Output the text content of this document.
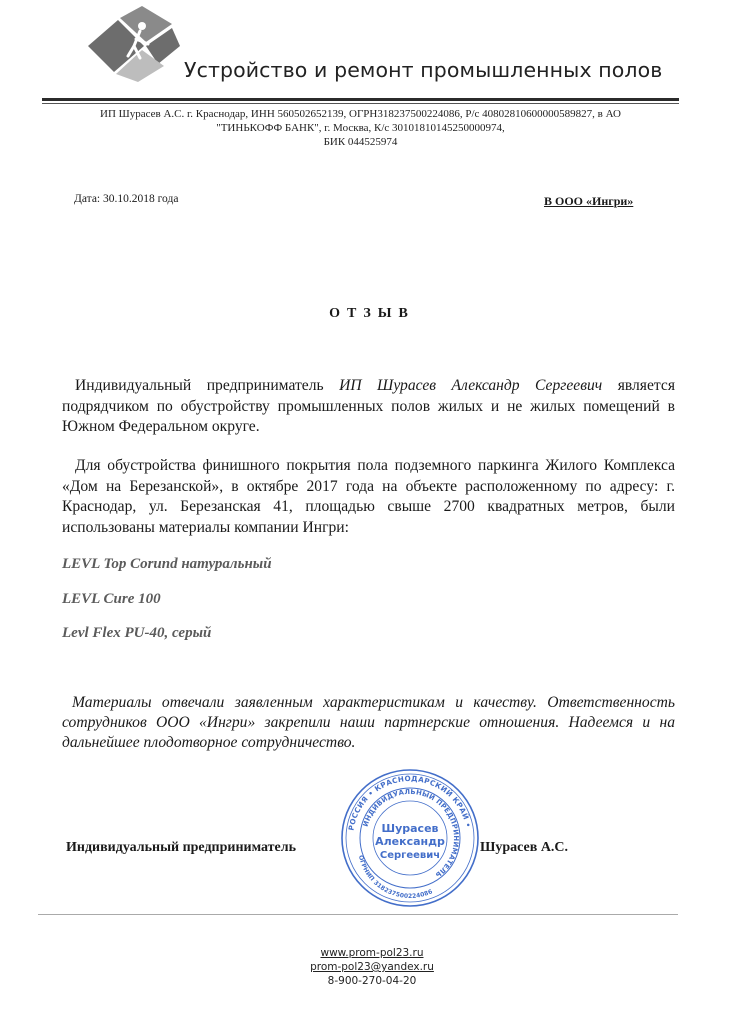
Устройство и ремонт промышленных полов
ИП Шурасев А.С. г. Краснодар, ИНН 560502652139, ОГРН318237500224086, Р/с 40802810600000589827, в АО
"ТИНЬКОФФ БАНК", г. Москва, К/с 30101810145250000974,
БИК 044525974
Дата: 30.10.2018 года	В ООО «Ингри»
ОТЗЫВ
Индивидуальный предприниматель ИП Шурасев Александр Сергеевич является подрядчиком по обустройству промышленных полов жилых и не жилых помещений в Южном Федеральном округе.
Для обустройства финишного покрытия пола подземного паркинга Жилого Комплекса «Дом на Березанской», в октябре 2017 года на объекте расположенному по адресу: г. Краснодар, ул. Березанская 41, площадью свыше 2700 квадратных метров, были использованы материалы компании Ингри:
LEVL Top Corund натуральный
LEVL Cure 100
Levl Flex PU-40, серый
Материалы отвечали заявленным характеристикам и качеству. Ответственность сотрудников ООО «Ингри» закрепили наши партнерские отношения. Надеемся и на дальнейшее плодотворное сотрудничество.
Индивидуальный предприниматель	Шурасев А.С.
РОССИЯ • КРАСНОДАРСКИЙ КРАЙ •
ИНДИВИДУАЛЬНЫЙ ПРЕДПРИНИМАТЕЛЬ
ОГРНИП 318237500224086
Шурасев
Александр
Сергеевич
www.prom-pol23.ru
prom-pol23@yandex.ru
8-900-270-04-20
